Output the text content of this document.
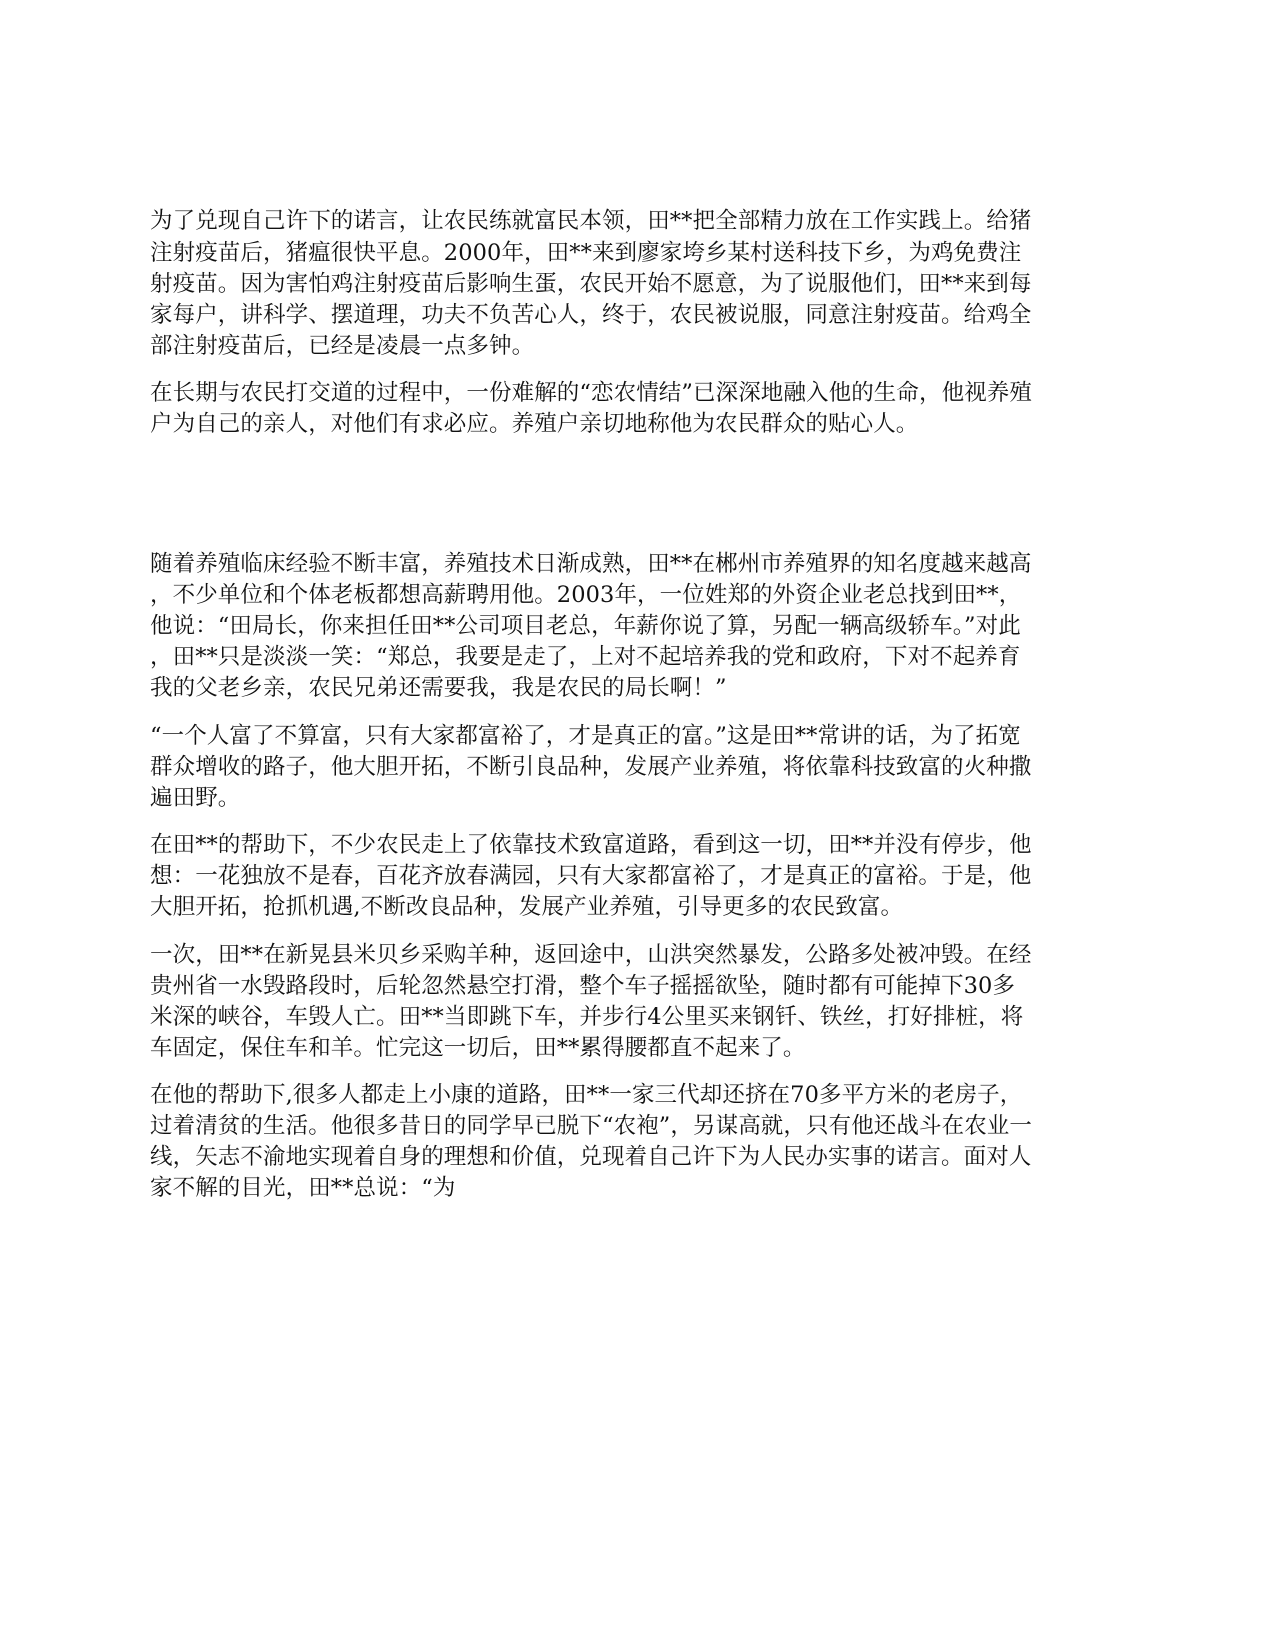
为了兑现自己许下的诺言，让农民练就富民本领，田**把全部精力放在工作实践上。给猪
注射疫苗后，猪瘟很快平息。2000年，田**来到廖家垮乡某村送科技下乡，为鸡免费注
射疫苗。因为害怕鸡注射疫苗后影响生蛋，农民开始不愿意，为了说服他们，田**来到每
家每户，讲科学、摆道理，功夫不负苦心人，终于，农民被说服，同意注射疫苗。给鸡全
部注射疫苗后，已经是凌晨一点多钟。
在长期与农民打交道的过程中，一份难解的“恋农情结”已深深地融入他的生命，他视养殖
户为自己的亲人，对他们有求必应。养殖户亲切地称他为农民群众的贴心人。
随着养殖临床经验不断丰富，养殖技术日渐成熟，田**在郴州市养殖界的知名度越来越高
，不少单位和个体老板都想高薪聘用他。2003年，一位姓郑的外资企业老总找到田**，
他说：“田局长，你来担任田**公司项目老总，年薪你说了算，另配一辆高级轿车。”对此
，田**只是淡淡一笑：“郑总，我要是走了，上对不起培养我的党和政府，下对不起养育
我的父老乡亲，农民兄弟还需要我，我是农民的局长啊！”
“一个人富了不算富，只有大家都富裕了，才是真正的富。”这是田**常讲的话，为了拓宽
群众增收的路子，他大胆开拓，不断引良品种，发展产业养殖，将依靠科技致富的火种撒
遍田野。
在田**的帮助下，不少农民走上了依靠技术致富道路，看到这一切，田**并没有停步，他
想：一花独放不是春，百花齐放春满园，只有大家都富裕了，才是真正的富裕。于是，他
大胆开拓，抢抓机遇,不断改良品种，发展产业养殖，引导更多的农民致富。
一次，田**在新晃县米贝乡采购羊种，返回途中，山洪突然暴发，公路多处被冲毁。在经
贵州省一水毁路段时，后轮忽然悬空打滑，整个车子摇摇欲坠，随时都有可能掉下30多
米深的峡谷，车毁人亡。田**当即跳下车，并步行4公里买来钢钎、铁丝，打好排桩，将
车固定，保住车和羊。忙完这一切后，田**累得腰都直不起来了。
在他的帮助下,很多人都走上小康的道路，田**一家三代却还挤在70多平方米的老房子，
过着清贫的生活。他很多昔日的同学早已脱下“农袍”，另谋高就，只有他还战斗在农业一
线，矢志不渝地实现着自身的理想和价值，兑现着自己许下为人民办实事的诺言。面对人
家不解的目光，田**总说：“为
